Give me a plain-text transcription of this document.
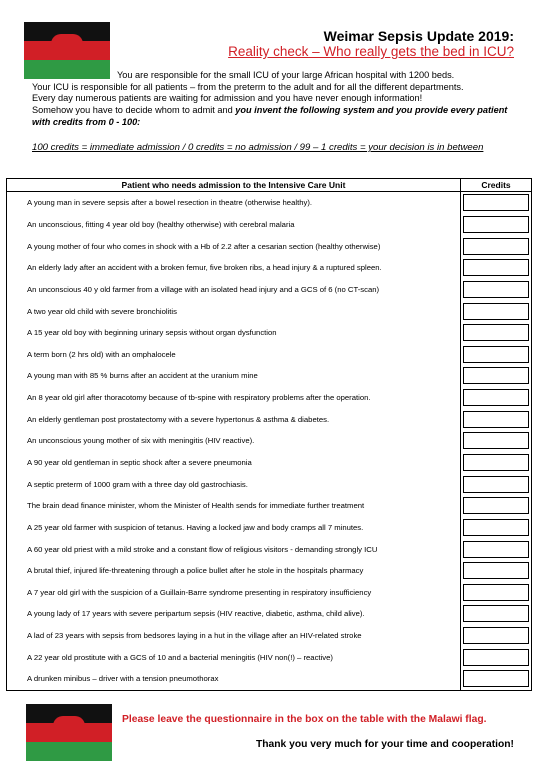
Weimar Sepsis Update 2019:
Reality check – Who really gets the bed in ICU?
You are responsible for the small ICU of your large African hospital with 1200 beds.
Your ICU is responsible for all patients – from the preterm to the adult and for all the different departments.
Every day numerous patients are waiting for admission and you have never enough information!
Somehow you have to decide whom to admit and you invent the following system and you provide every patient with credits from 0 - 100:
100 credits = immediate admission / 0 credits = no admission / 99 – 1 credits = your decision is in between
Patient who needs admission to the Intensive Care Unit	Credits
A young man in severe sepsis after a bowel resection in theatre (otherwise healthy).	

An unconscious, fitting 4 year old boy (healthy otherwise) with cerebral malaria	

A young mother of four who comes in shock with a Hb of 2.2 after a cesarian section (healthy otherwise)	

An elderly lady after an accident with a broken femur, five broken ribs, a head injury & a ruptured spleen.	

An unconscious 40 y old farmer from a village with an isolated head injury and a GCS of 6 (no CT-scan)	

A two year old child with severe bronchiolitis	

A 15 year old boy with beginning urinary sepsis without organ dysfunction	

A term born (2 hrs old) with an omphalocele	

A young man with 85 % burns after an accident at the uranium mine	

An 8 year old girl after thoracotomy because of tb-spine with respiratory problems after the operation.	

An elderly gentleman post prostatectomy with a severe hypertonus & asthma & diabetes.	

An unconscious young mother of six with meningitis (HIV reactive).	

A 90 year old gentleman in septic shock after a severe pneumonia	

A septic preterm of 1000 gram with a three day old gastrochiasis.	

The brain dead finance minister, whom the Minister of Health sends for immediate further treatment	

A 25 year old farmer with suspicion of tetanus. Having a locked jaw and body cramps all 7 minutes.	

A 60 year old priest with a mild stroke and a constant flow of religious visitors - demanding strongly ICU	

A brutal thief, injured life-threatening through a police bullet after he stole in the hospitals pharmacy	

A 7 year old girl with the suspicion of a Guillain-Barre syndrome presenting in respiratory insufficiency	

A young lady of 17 years with severe peripartum sepsis (HIV reactive, diabetic, asthma, child alive).	

A lad of 23 years with sepsis from bedsores laying in a hut in the village after an HIV-related stroke	

A 22 year old prostitute with a GCS of 10 and a bacterial meningitis (HIV non(!) – reactive)	

A drunken minibus – driver with a tension pneumothorax	
Please leave the questionnaire in the box on the table with the Malawi flag.
Thank you very much for your time and cooperation!
